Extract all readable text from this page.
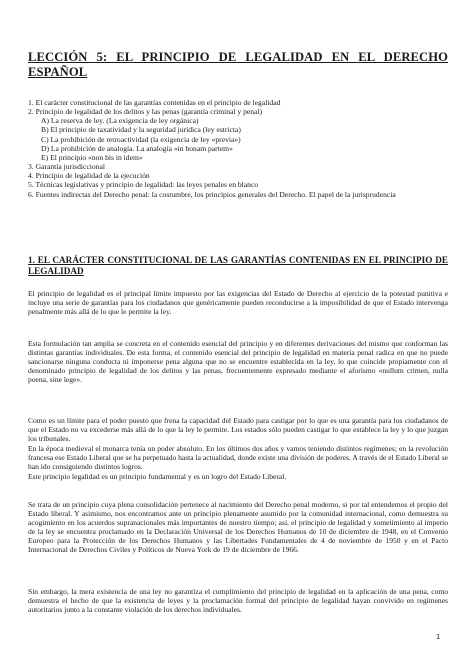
LECCIÓN 5: EL PRINCIPIO DE LEGALIDAD EN EL DERECHO
ESPAÑOL
1. El carácter constitucional de las garantías contenidas en el principio de legalidad
2. Principio de legalidad de los delitos y las penas (garantía criminal y penal)
A) La reserva de ley. (La exigencia de ley orgánica)
B) El principio de taxatividad y la seguridad jurídica (ley estricta)
C) La prohibición de retroactividad (la exigencia de ley «previa»)
D) La prohibición de analogía. La analogía «in bonam partem»
E) El principio «non bis in idem»
3. Garantía jurisdiccional
4. Principio de legalidad de la ejecución
5. Técnicas legislativas y principio de legalidad: las leyes penales en blanco
6. Fuentes indirectas del Derecho penal: la costumbre, los principios generales del Derecho. El papel de la jurisprudencia
1. EL CARÁCTER CONSTITUCIONAL DE LAS GARANTÍAS CONTENIDAS EN EL PRINCIPIO DE LEGALIDAD

El principio de legalidad es el principal límite impuesto por las exigencias del Estado de Derecho al ejercicio de la potestad punitiva e incluye una serie de garantías para los ciudadanos que genéricamente pueden reconducirse a la imposibilidad de que el Estado intervenga penalmente más allá de lo que le permite la ley.

Esta formulación tan amplia se concreta en el contenido esencial del principio y en diferentes derivaciones del mismo que conforman las distintas garantías individuales. De esta forma, el contenido esencial del principio de legalidad en materia penal radica en que no puede sancionarse ninguna conducta ni imponerse pena alguna que no se encuentre establecida en la ley, lo que coincide propiamente con el denominado principio de legalidad de los delitos y las penas, frecuentemente expresado mediante el aforismo «nullum crimen, nulla poena, sine lege».

Como es un límite para el poder puesto que frena la capacidad del Estado para castigar por lo que es una garantía para los ciudadanos de que el Estado no va excederse más allá de lo que la ley le permite. Los estados sólo pueden castigar lo que establece la ley y lo que juzgan los tribunales.

En la época medieval el monarca tenía un poder absoluto. En los últimos dos años y vamos teniendo distintos regímenes; en la revolución francesa ese Estado Liberal que se ha perpetuado hasta la actualidad, donde existe una división de poderes. A través de el Estado Liberal se han ido consiguiendo distintos logros.

Este principio legalidad es un principio fundamental y es un logro del Estado Liberal.

Se trata de un principio cuya plena consolidación pertenece al nacimiento del Derecho penal moderno, si por tal entendemos el propio del Estado liberal. Y asimismo, nos encontramos ante un principio plenamente asumido por la comunidad internacional, como demuestra su acogimiento en los acuerdos supranacionales más importantes de nuestro tiempo; así, el principio de legalidad y sometimiento al imperio de la ley se encuentra proclamado en la Declaración Universal de los Derechos Humanos de 10 de diciembre de 1948, en el Convenio Europeo para la Protección de los Derechos Humanos y las Libertades Fundamentales de 4 de noviembre de 1950 y en el Pacto Internacional de Derechos Civiles y Políticos de Nueva York de 19 de diciembre de 1966.

Sin embargo, la mera existencia de una ley no garantiza el cumplimiento del principio de legalidad en la aplicación de una pena, como demuestra el hecho de que la existencia de leyes y la proclamación formal del principio de legalidad hayan convivido en regímenes autoritarios junto a la constante violación de los derechos individuales.

1
